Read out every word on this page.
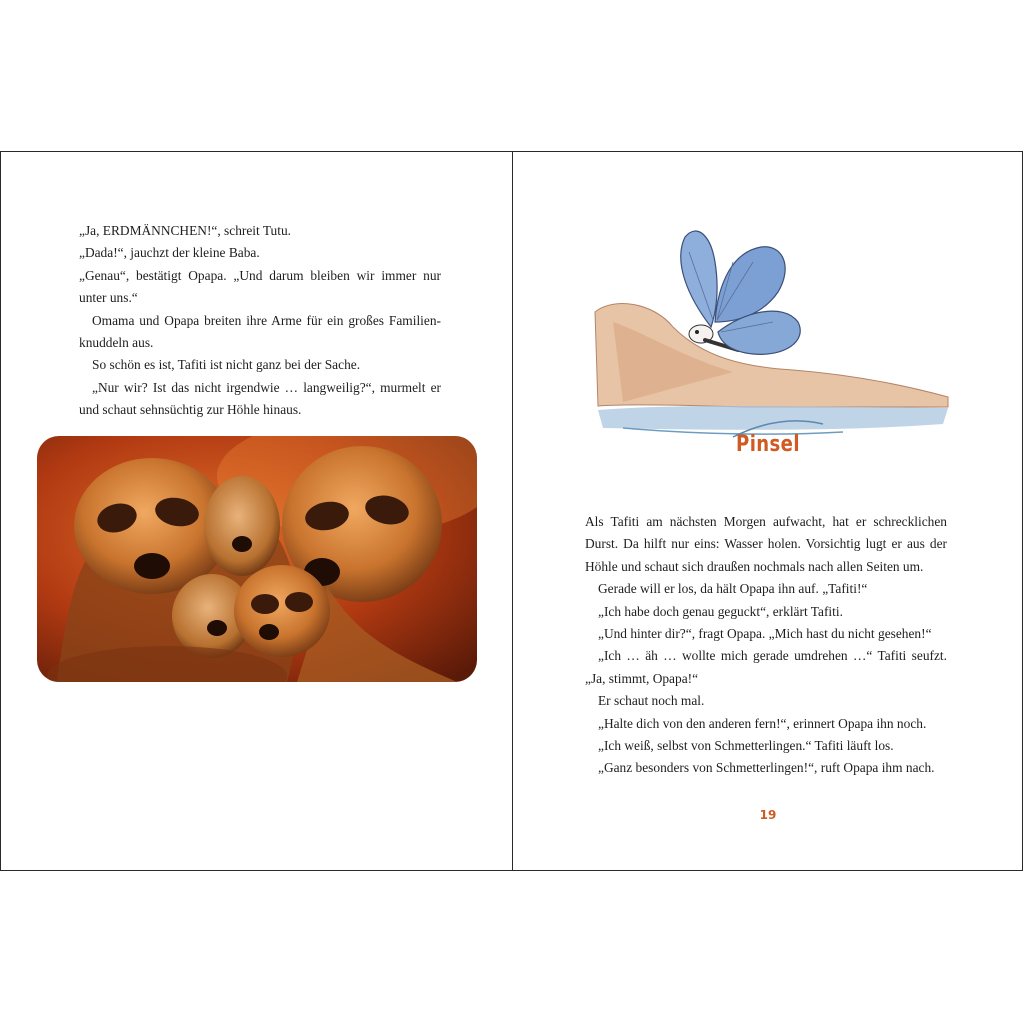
„Ja, ERDMÄNNCHEN!“, schreit Tutu.

„Dada!“, jauchzt der kleine Baba.

„Genau“, bestätigt Opapa. „Und darum bleiben wir immer nur unter uns.“

Omama und Opapa breiten ihre Arme für ein großes Familienknuddeln aus.

So schön es ist, Tafiti ist nicht ganz bei der Sache.

„Nur wir? Ist das nicht irgendwie … langweilig?“, murmelt er und schaut sehnsüchtig zur Höhle hinaus.

Pinsel

Als Tafiti am nächsten Morgen aufwacht, hat er schrecklichen Durst. Da hilft nur eins: Wasser holen. Vorsichtig lugt er aus der Höhle und schaut sich draußen nochmals nach allen Seiten um.

Gerade will er los, da hält Opapa ihn auf. „Tafiti!“

„Ich habe doch genau geguckt“, erklärt Tafiti.

„Und hinter dir?“, fragt Opapa. „Mich hast du nicht gesehen!“

„Ich … äh … wollte mich gerade umdrehen …“ Tafiti seufzt. „Ja, stimmt, Opapa!“

Er schaut noch mal.

„Halte dich von den anderen fern!“, erinnert Opapa ihn noch.

„Ich weiß, selbst von Schmetterlingen.“ Tafiti läuft los.

„Ganz besonders von Schmetterlingen!“, ruft Opapa ihm nach.

19
